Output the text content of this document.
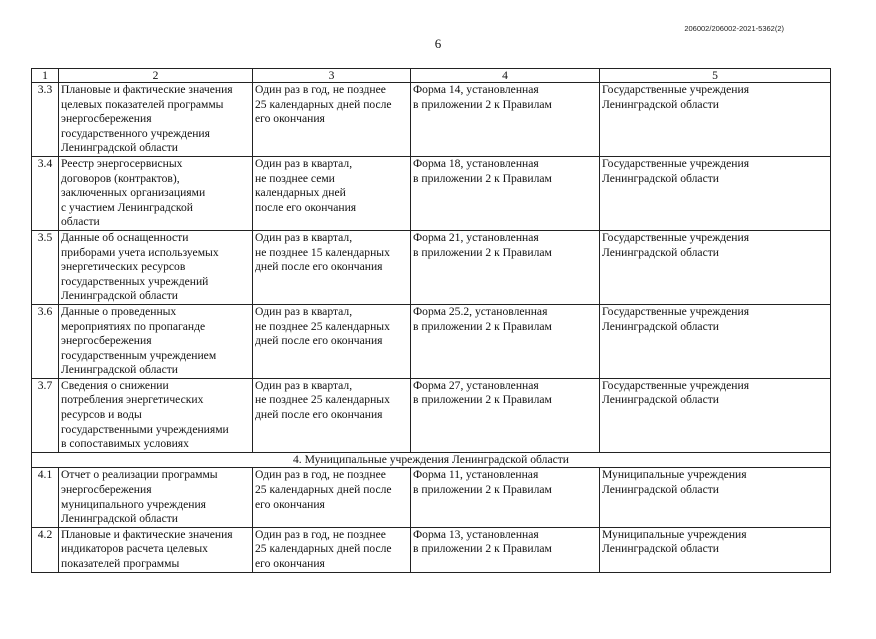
206002/206002-2021-5362(2)
6
1	2	3	4	5
3.3	Плановые и фактические значения
целевых показателей программы
энергосбережения
государственного учреждения
Ленинградской области	Один раз в год, не позднее
25 календарных дней после
его окончания	Форма 14, установленная
в приложении 2 к Правилам	Государственные учреждения
Ленинградской области
3.4	Реестр энергосервисных
договоров (контрактов),
заключенных организациями
с участием Ленинградской
области	Один раз в квартал,
не позднее семи
календарных дней
после его окончания	Форма 18, установленная
в приложении 2 к Правилам	Государственные учреждения
Ленинградской области
3.5	Данные об оснащенности
приборами учета используемых
энергетических ресурсов
государственных учреждений
Ленинградской области	Один раз в квартал,
не позднее 15 календарных
дней после его окончания	Форма 21, установленная
в приложении 2 к Правилам	Государственные учреждения
Ленинградской области
3.6	Данные о проведенных
мероприятиях по пропаганде
энергосбережения
государственным учреждением
Ленинградской области	Один раз в квартал,
не позднее 25 календарных
дней после его окончания	Форма 25.2, установленная
в приложении 2 к Правилам	Государственные учреждения
Ленинградской области
3.7	Сведения о снижении
потребления энергетических
ресурсов и воды
государственными учреждениями
в сопоставимых условиях	Один раз в квартал,
не позднее 25 календарных
дней после его окончания	Форма 27, установленная
в приложении 2 к Правилам	Государственные учреждения
Ленинградской области
4. Муниципальные учреждения Ленинградской области				
4.1	Отчет о реализации программы
энергосбережения
муниципального учреждения
Ленинградской области	Один раз в год, не позднее
25 календарных дней после
его окончания	Форма 11, установленная
в приложении 2 к Правилам	Муниципальные учреждения
Ленинградской области
4.2	Плановые и фактические значения
индикаторов расчета целевых
показателей программы	Один раз в год, не позднее
25 календарных дней после
его окончания	Форма 13, установленная
в приложении 2 к Правилам	Муниципальные учреждения
Ленинградской области
